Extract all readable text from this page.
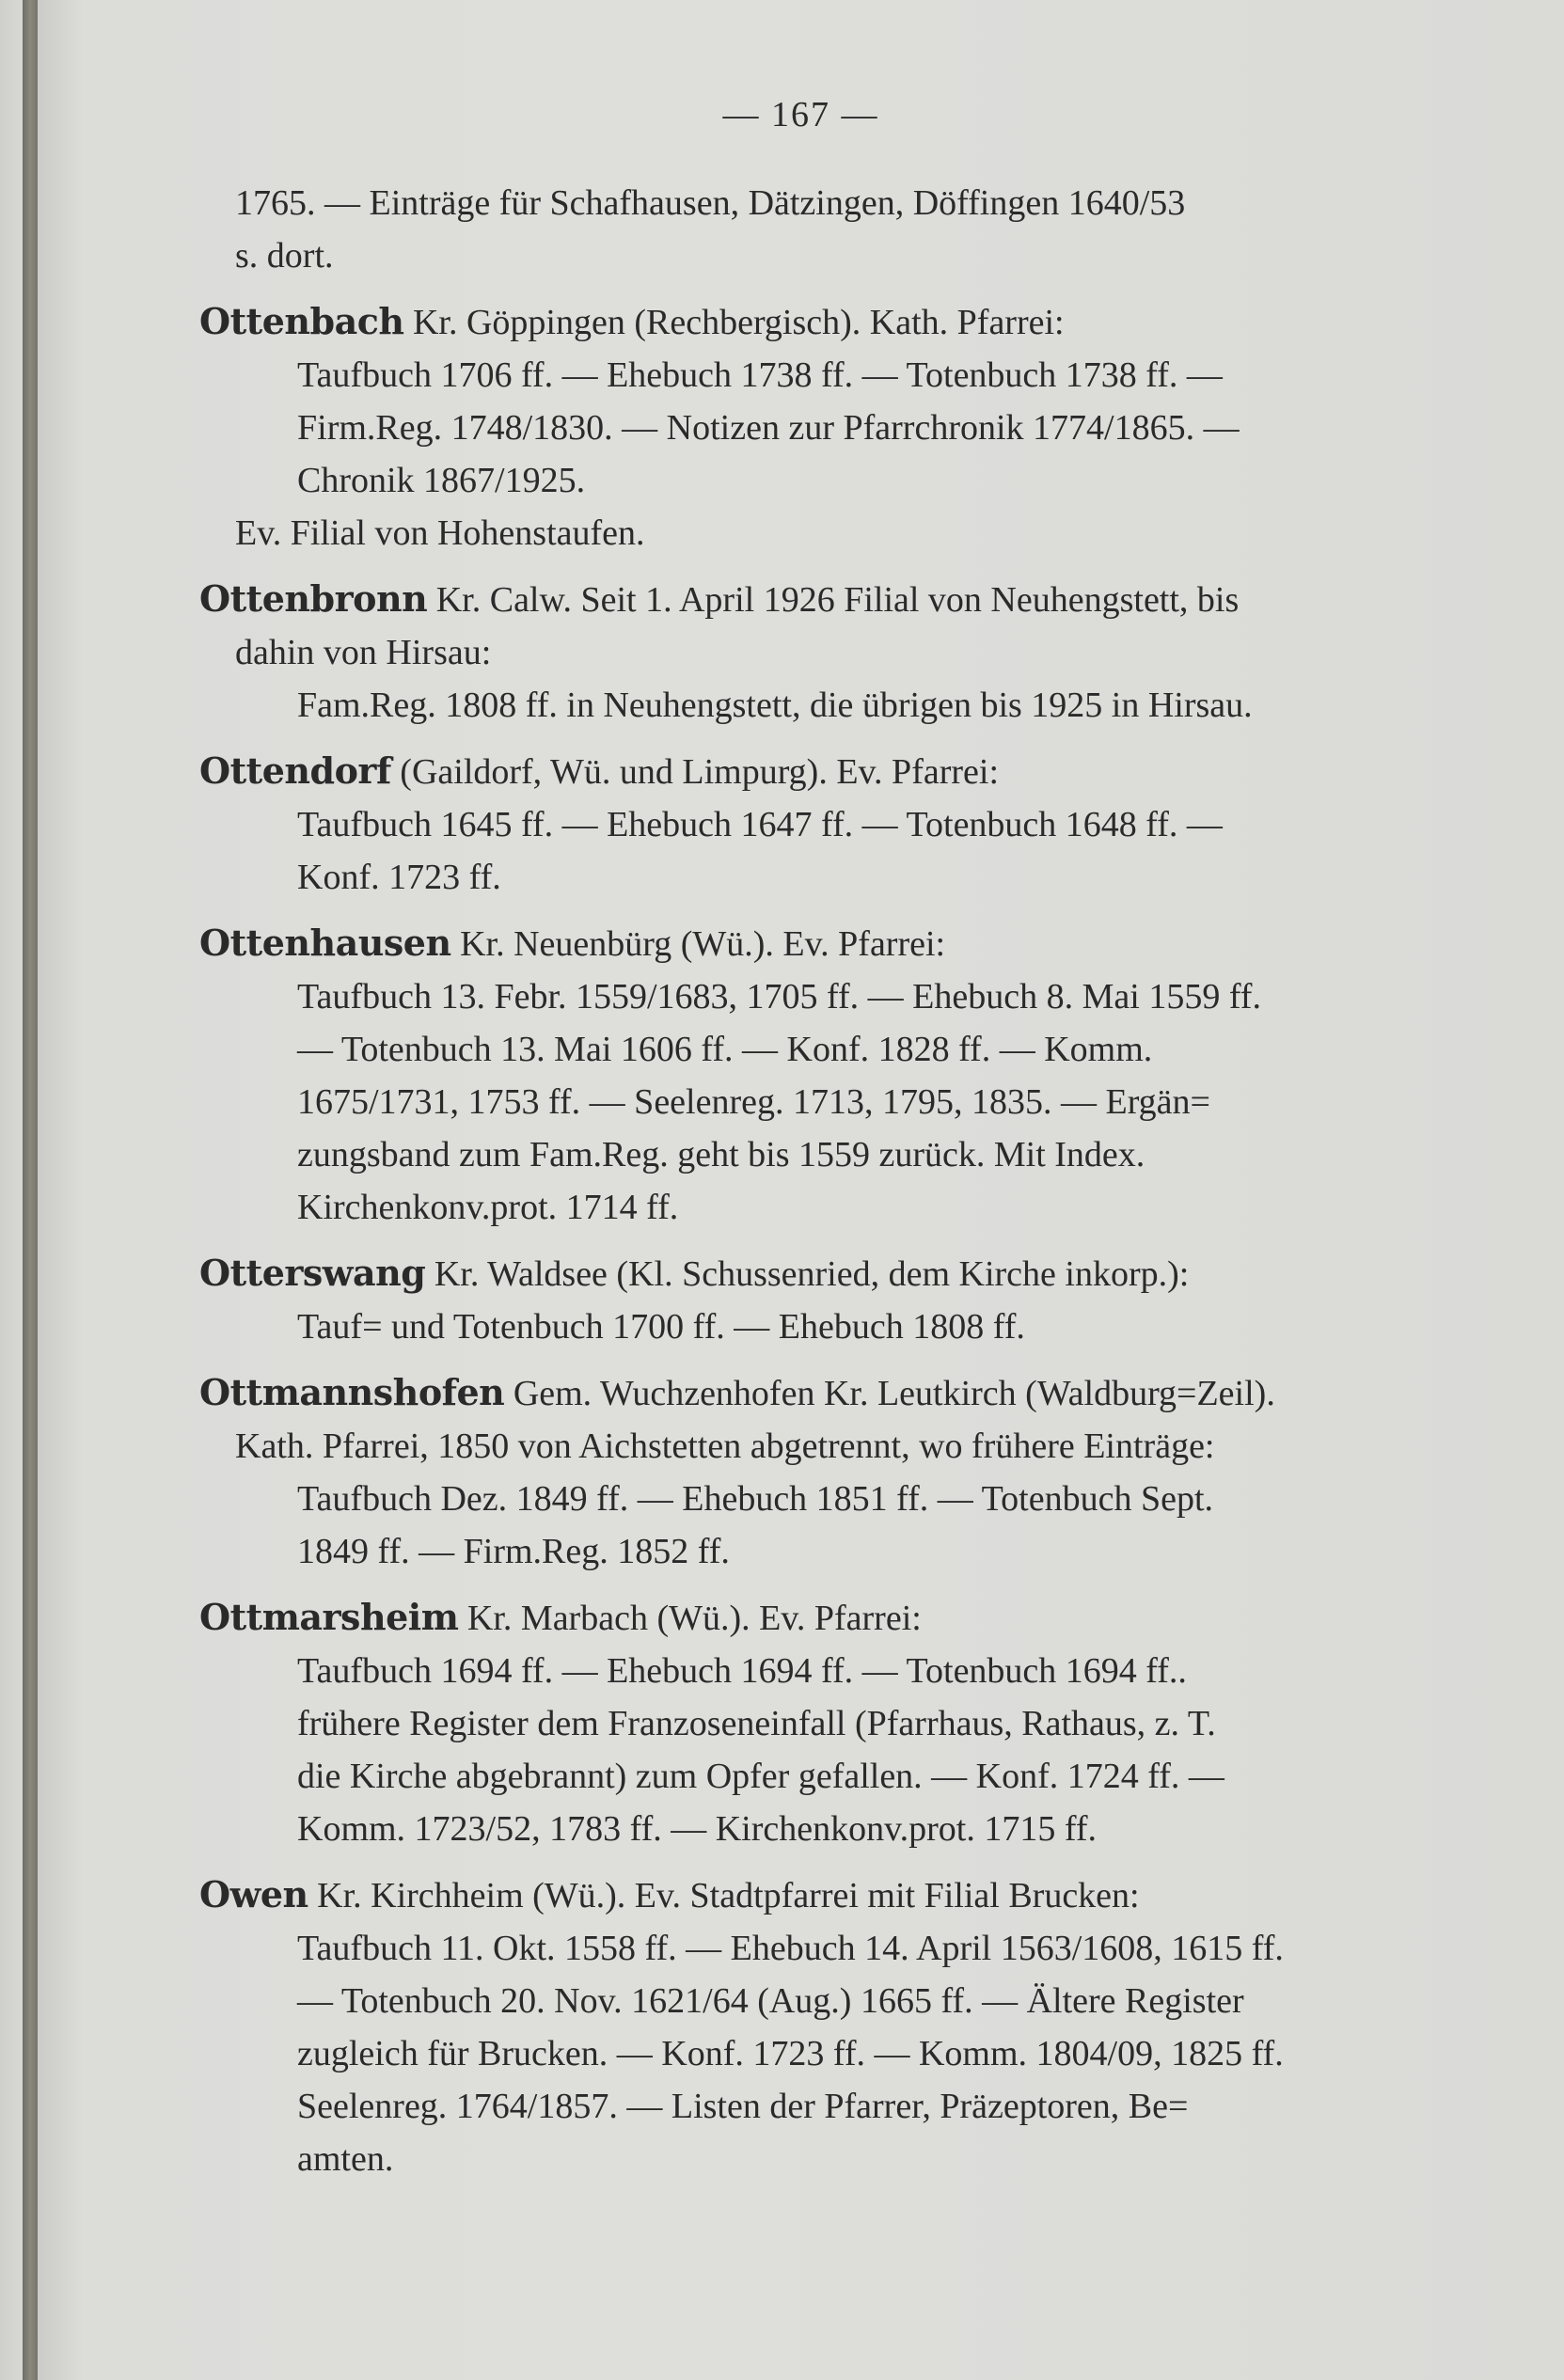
— 167 —
1765. — Einträge für Schafhausen, Dätzingen, Döffingen 1640/53
s. dort.
Ottenbach Kr. Göppingen (Rechbergisch). Kath. Pfarrei:
Taufbuch 1706 ff. — Ehebuch 1738 ff. — Totenbuch 1738 ff. —
Firm.Reg. 1748/1830. — Notizen zur Pfarrchronik 1774/1865. —
Chronik 1867/1925.
Ev. Filial von Hohenstaufen.
Ottenbronn Kr. Calw. Seit 1. April 1926 Filial von Neuhengstett, bis
dahin von Hirsau:
Fam.Reg. 1808 ff. in Neuhengstett, die übrigen bis 1925 in Hirsau.
Ottendorf (Gaildorf, Wü. und Limpurg). Ev. Pfarrei:
Taufbuch 1645 ff. — Ehebuch 1647 ff. — Totenbuch 1648 ff. —
Konf. 1723 ff.
Ottenhausen Kr. Neuenbürg (Wü.). Ev. Pfarrei:
Taufbuch 13. Febr. 1559/1683, 1705 ff. — Ehebuch 8. Mai 1559 ff.
— Totenbuch 13. Mai 1606 ff. — Konf. 1828 ff. — Komm.
1675/1731, 1753 ff. — Seelenreg. 1713, 1795, 1835. — Ergän=
zungsband zum Fam.Reg. geht bis 1559 zurück. Mit Index.
Kirchenkonv.prot. 1714 ff.
Otterswang Kr. Waldsee (Kl. Schussenried, dem Kirche inkorp.):
Tauf= und Totenbuch 1700 ff. — Ehebuch 1808 ff.
Ottmannshofen Gem. Wuchzenhofen Kr. Leutkirch (Waldburg=Zeil).
Kath. Pfarrei, 1850 von Aichstetten abgetrennt, wo frühere Einträge:
Taufbuch Dez. 1849 ff. — Ehebuch 1851 ff. — Totenbuch Sept.
1849 ff. — Firm.Reg. 1852 ff.
Ottmarsheim Kr. Marbach (Wü.). Ev. Pfarrei:
Taufbuch 1694 ff. — Ehebuch 1694 ff. — Totenbuch 1694 ff..
frühere Register dem Franzoseneinfall (Pfarrhaus, Rathaus, z. T.
die Kirche abgebrannt) zum Opfer gefallen. — Konf. 1724 ff. —
Komm. 1723/52, 1783 ff. — Kirchenkonv.prot. 1715 ff.
Owen Kr. Kirchheim (Wü.). Ev. Stadtpfarrei mit Filial Brucken:
Taufbuch 11. Okt. 1558 ff. — Ehebuch 14. April 1563/1608, 1615 ff.
— Totenbuch 20. Nov. 1621/64 (Aug.) 1665 ff. — Ältere Register
zugleich für Brucken. — Konf. 1723 ff. — Komm. 1804/09, 1825 ff.
Seelenreg. 1764/1857. — Listen der Pfarrer, Präzeptoren, Be=
amten.
